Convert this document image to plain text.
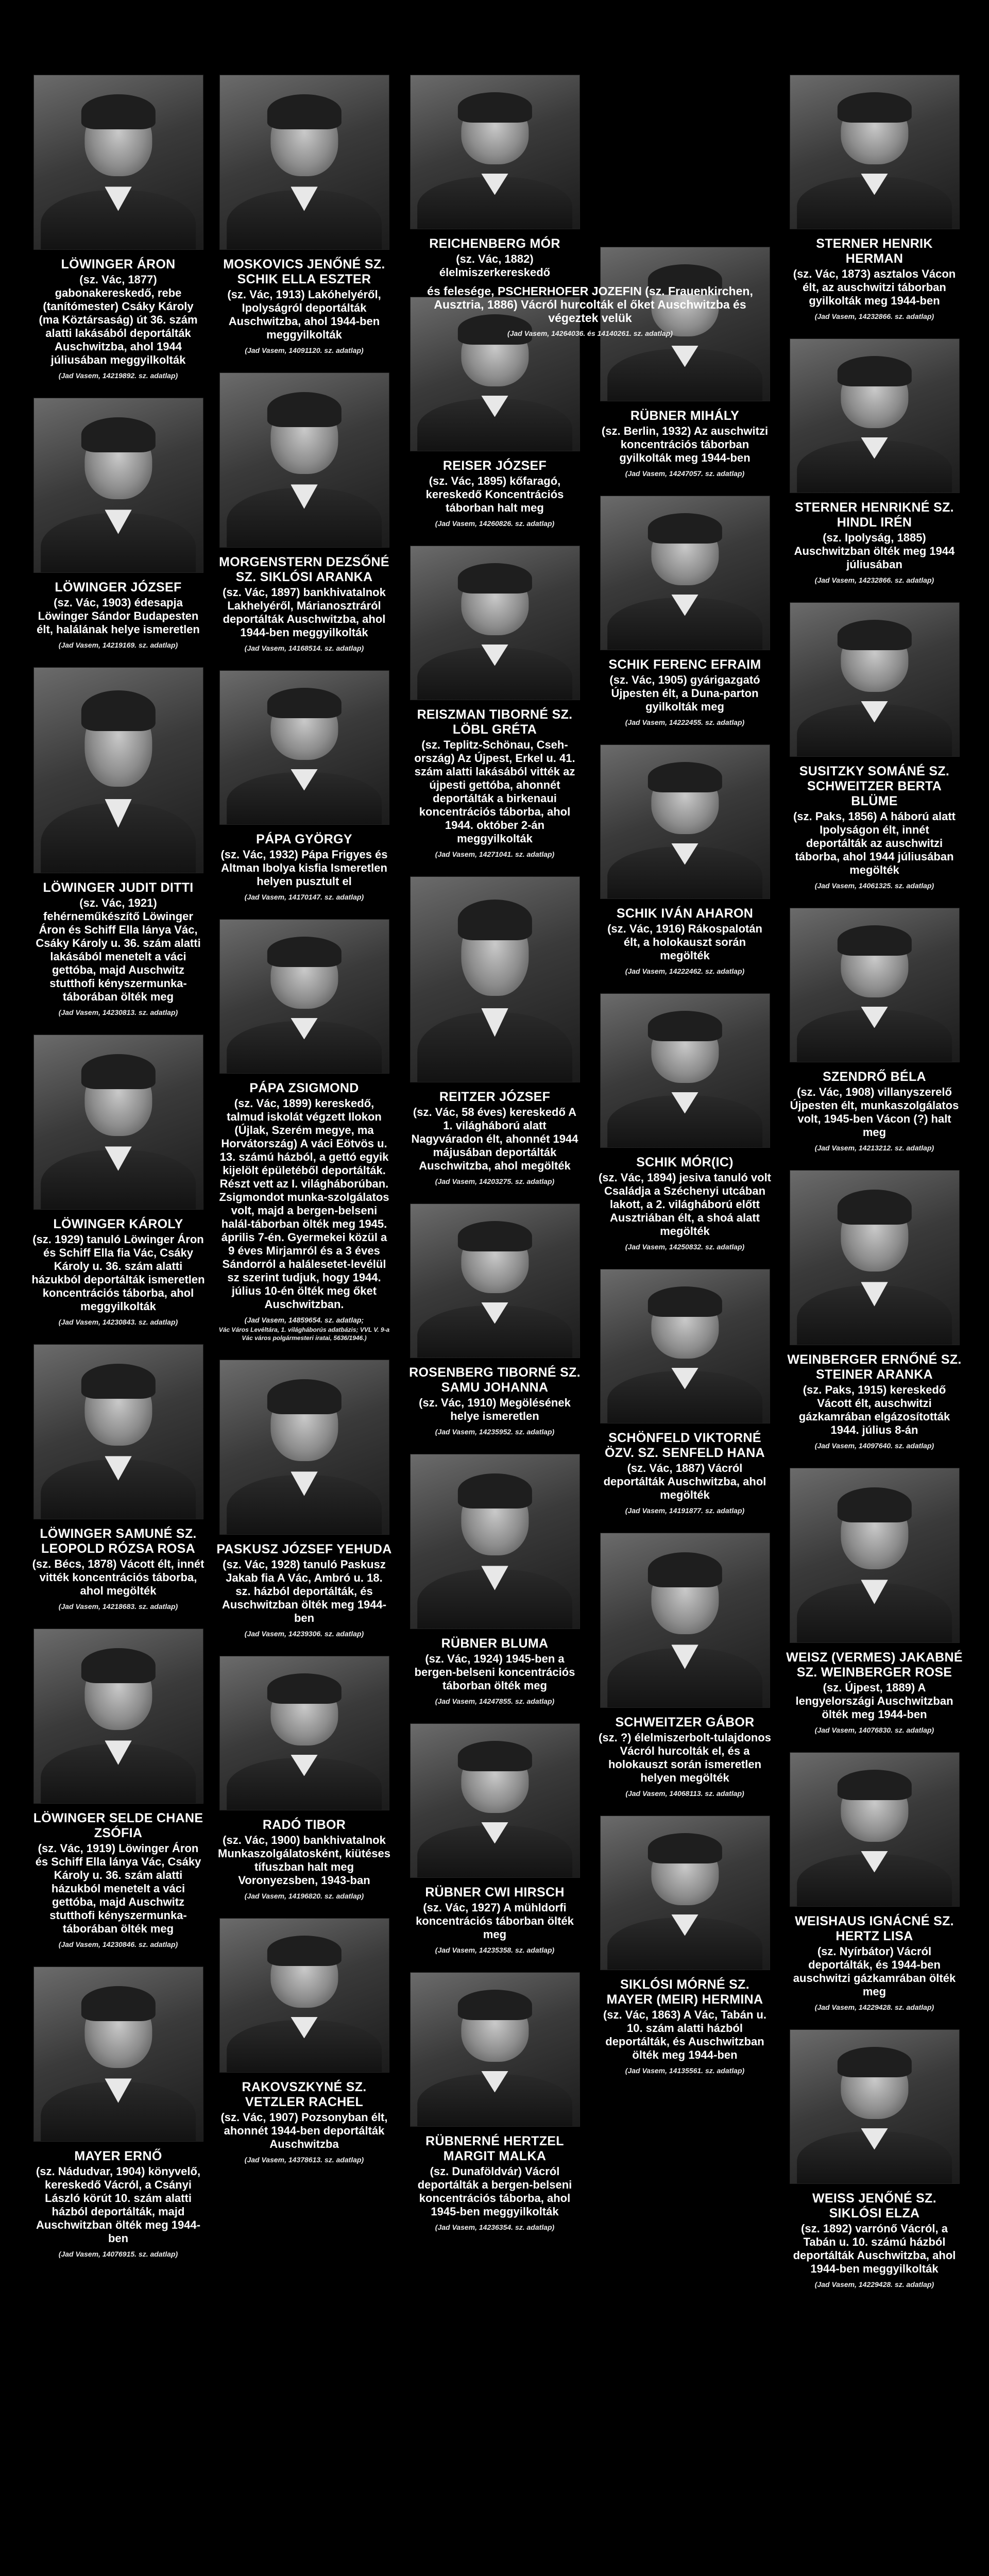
LÖWINGER ÁRON
(sz. Vác, 1877) gabonakereskedő, rebe (tanítómester) Csáky Károly (ma Köztársaság) út 36. szám alatti lakásából deportálták Auschwitzba, ahol 1944 júliusában meggyilkolták
(Jad Vasem, 14219892. sz. adatlap)
LÖWINGER JÓZSEF
(sz. Vác, 1903) édesapja Löwinger Sándor Budapesten élt, halálának helye ismeretlen
(Jad Vasem, 14219169. sz. adatlap)
LÖWINGER JUDIT DITTI
(sz. Vác, 1921) fehérneműkészítő Löwinger Áron és Schiff Ella lánya Vác, Csáky Károly u. 36. szám alatti lakásából menetelt a váci gettóba, majd Auschwitz stutthofi kényszermunka-táborában ölték meg
(Jad Vasem, 14230813. sz. adatlap)
LÖWINGER KÁROLY
(sz. 1929) tanuló Löwinger Áron és Schiff Ella fia Vác, Csáky Károly u. 36. szám alatti házukból deportálták ismeretlen koncentrációs táborba, ahol meggyilkolták
(Jad Vasem, 14230843. sz. adatlap)
LÖWINGER SAMUNÉ SZ. LEOPOLD RÓZSA ROSA
(sz. Bécs, 1878) Vácott élt, innét vitték koncentrációs táborba, ahol megölték
(Jad Vasem, 14218683. sz. adatlap)
LÖWINGER SELDE CHANE ZSÓFIA
(sz. Vác, 1919) Löwinger Áron és Schiff Ella lánya Vác, Csáky Károly u. 36. szám alatti házukból menetelt a váci gettóba, majd Auschwitz stutthofi kényszermunka-táborában ölték meg
(Jad Vasem, 14230846. sz. adatlap)
MAYER ERNŐ
(sz. Nádudvar, 1904) könyvelő, kereskedő Vácról, a Csányi László körút 10. szám alatti házból deportálták, majd Auschwitzban ölték meg 1944-ben
(Jad Vasem, 14076915. sz. adatlap)
MOSKOVICS JENŐNÉ SZ. SCHIK ELLA ESZTER
(sz. Vác, 1913) Lakóhelyéről, Ipolyságról deportálták Auschwitzba, ahol 1944-ben meggyilkolták
(Jad Vasem, 14091120. sz. adatlap)
MORGENSTERN DEZSŐNÉ SZ. SIKLÓSI ARANKA
(sz. Vác, 1897) bankhivatalnok Lakhelyéről, Márianosztráról deportálták Auschwitzba, ahol 1944-ben meggyilkolták
(Jad Vasem, 14168514. sz. adatlap)
PÁPA GYÖRGY
(sz. Vác, 1932) Pápa Frigyes és Altman Ibolya kisfia Ismeretlen helyen pusztult el
(Jad Vasem, 14170147. sz. adatlap)
PÁPA ZSIGMOND
(sz. Vác, 1899) kereskedő, talmud iskolát végzett Ilokon (Újlak, Szerém megye, ma Horvátország) A váci Eötvös u. 13. számú házból, a gettó egyik kijelölt épületéből deportálták. Részt vett az I. világháborúban. Zsigmondot munka-szolgálatos volt, majd a bergen-belseni halál-táborban ölték meg 1945. április 7-én. Gyermekei közül a 9 éves Mirjamról és a 3 éves Sándorról a halálesetet-levélül sz szerint tudjuk, hogy 1944. július 10-én ölték meg őket Auschwitzban.
(Jad Vasem, 14859654. sz. adatlap;
Vác Város Levéltára, 1. világháborús adatbázis; VVL V. 9-a Vác város polgármesteri iratai, 5636/1946.)
PASKUSZ JÓZSEF YEHUDA
(sz. Vác, 1928) tanuló Paskusz Jakab fia A Vác, Ambró u. 18. sz. házból deportálták, és Auschwitzban ölték meg 1944-ben
(Jad Vasem, 14239306. sz. adatlap)
RADÓ TIBOR
(sz. Vác, 1900) bankhivatalnok Munkaszolgálatosként, kiütéses tífuszban halt meg Voronyezsben, 1943-ban
(Jad Vasem, 14196820. sz. adatlap)
RAKOVSZKYNÉ SZ. VETZLER RACHEL
(sz. Vác, 1907) Pozsonyban élt, ahonnét 1944-ben deportálták Auschwitzba
(Jad Vasem, 14378613. sz. adatlap)
REICHENBERG MÓR
(sz. Vác, 1882) élelmiszerkereskedő
REISER JÓZSEF
(sz. Vác, 1895) kőfaragó, kereskedő Koncentrációs táborban halt meg
(Jad Vasem, 14260826. sz. adatlap)
REISZMAN TIBORNÉ SZ. LÖBL GRÉTA
(sz. Teplitz-Schönau, Csehország) Az Újpest, Erkel u. 41. szám alatti lakásából vitték az újpesti gettóba, ahonnét deportálták a birkenaui koncentrációs táborba, ahol 1944. október 2-án meggyilkolták
(Jad Vasem, 14271041. sz. adatlap)
REITZER JÓZSEF
(sz. Vác, 58 éves) kereskedő A 1. világháború alatt Nagyváradon élt, ahonnét 1944 májusában deportálták Auschwitzba, ahol megölték
(Jad Vasem, 14203275. sz. adatlap)
ROSENBERG TIBORNÉ SZ. SAMU JOHANNA
(sz. Vác, 1910) Megölésének helye ismeretlen
(Jad Vasem, 14235952. sz. adatlap)
RÜBNER BLUMA
(sz. Vác, 1924) 1945-ben a bergen-belseni koncentrációs táborban ölték meg
(Jad Vasem, 14247855. sz. adatlap)
RÜBNER CWI HIRSCH
(sz. Vác, 1927) A mühldorfi koncentrációs táborban ölték meg
(Jad Vasem, 14235358. sz. adatlap)
RÜBNERNÉ HERTZEL MARGIT MALKA
(sz. Dunaföldvár) Vácról deportálták a bergen-belseni koncentrációs táborba, ahol 1945-ben meggyilkolták
(Jad Vasem, 14236354. sz. adatlap)
RÜBNER MIHÁLY
(sz. Berlin, 1932) Az auschwitzi koncentrációs táborban gyilkolták meg 1944-ben
(Jad Vasem, 14247057. sz. adatlap)
SCHIK FERENC EFRAIM
(sz. Vác, 1905) gyárigazgató Újpesten élt, a Duna-parton gyilkolták meg
(Jad Vasem, 14222455. sz. adatlap)
SCHIK IVÁN AHARON
(sz. Vác, 1916) Rákospalotán élt, a holokauszt során megölték
(Jad Vasem, 14222462. sz. adatlap)
SCHIK MÓR(IC)
(sz. Vác, 1894) jesiva tanuló volt Családja a Széchenyi utcában lakott, a 2. világháború előtt Ausztriában élt, a shoá alatt megölték
(Jad Vasem, 14250832. sz. adatlap)
SCHÖNFELD VIKTORNÉ ÖZV. SZ. SENFELD HANA
(sz. Vác, 1887) Vácról deportálták Auschwitzba, ahol megölték
(Jad Vasem, 14191877. sz. adatlap)
SCHWEITZER GÁBOR
(sz. ?) élelmiszerbolt-tulajdonos Vácról hurcolták el, és a holokauszt során ismeretlen helyen megölték
(Jad Vasem, 14068113. sz. adatlap)
SIKLÓSI MÓRNÉ SZ. MAYER (MEIR) HERMINA
(sz. Vác, 1863) A Vác, Tabán u. 10. szám alatti házból deportálták, és Auschwitzban ölték meg 1944-ben
(Jad Vasem, 14135561. sz. adatlap)
STERNER HENRIK HERMAN
(sz. Vác, 1873) asztalos Vácon élt, az auschwitzi táborban gyilkolták meg 1944-ben
(Jad Vasem, 14232866. sz. adatlap)
STERNER HENRIKNÉ SZ. HINDL IRÉN
(sz. Ipolyság, 1885) Auschwitzban ölték meg 1944 júliusában
(Jad Vasem, 14232866. sz. adatlap)
SUSITZKY SOMÁNÉ SZ. SCHWEITZER BERTA BLÜME
(sz. Paks, 1856) A háború alatt Ipolyságon élt, innét deportálták az auschwitzi táborba, ahol 1944 júliusában megölték
(Jad Vasem, 14061325. sz. adatlap)
SZENDRŐ BÉLA
(sz. Vác, 1908) villanyszerelő Újpesten élt, munkaszolgálatos volt, 1945-ben Vácon (?) halt meg
(Jad Vasem, 14213212. sz. adatlap)
WEINBERGER ERNŐNÉ SZ. STEINER ARANKA
(sz. Paks, 1915) kereskedő Vácott élt, auschwitzi gázkamrában elgázosították 1944. július 8-án
(Jad Vasem, 14097640. sz. adatlap)
WEISZ (VERMES) JAKABNÉ SZ. WEINBERGER ROSE
(sz. Újpest, 1889) A lengyelországi Auschwitzban ölték meg 1944-ben
(Jad Vasem, 14076830. sz. adatlap)
WEISHAUS IGNÁCNÉ SZ. HERTZ LISA
(sz. Nyírbátor) Vácról deportálták, és 1944-ben auschwitzi gázkamrában ölték meg
(Jad Vasem, 14229428. sz. adatlap)
WEISS JENŐNÉ SZ. SIKLÓSI ELZA
(sz. 1892) varrónő Vácról, a Tabán u. 10. számú házból deportálták Auschwitzba, ahol 1944-ben meggyilkolták
(Jad Vasem, 14229428. sz. adatlap)
és felesége, PSCHERHOFER JOZEFIN (sz. Frauenkirchen, Ausztria, 1886) Vácról hurcolták el őket Auschwitzba és végeztek velük
(Jad Vasem, 14264036. és 14140261. sz. adatlap)
